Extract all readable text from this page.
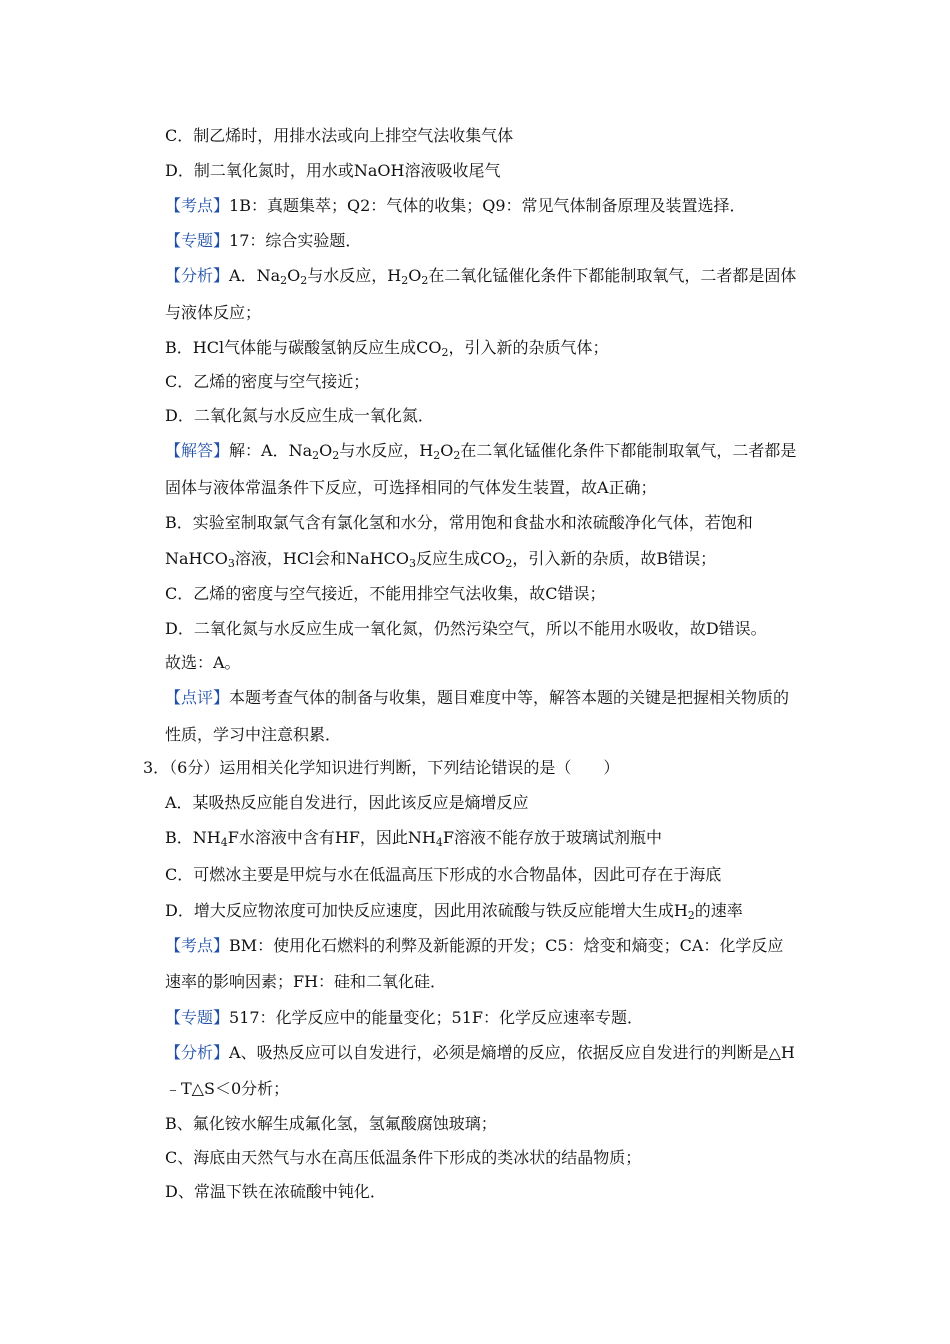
C．制乙烯时，用排水法或向上排空气法收集气体
D．制二氧化氮时，用水或NaOH溶液吸收尾气
【考点】1B：真题集萃；Q2：气体的收集；Q9：常见气体制备原理及装置选择．
【专题】17：综合实验题．
【分析】A．$Na_2O_2$与水反应，$H_2O_2$在二氧化锰催化条件下都能制取氧气，二者都是固体
与液体反应；
B．HCl气体能与碳酸氢钠反应生成$CO_2$，引入新的杂质气体；
C．乙烯的密度与空气接近；
D．二氧化氮与水反应生成一氧化氮．
【解答】解：A．$Na_2O_2$与水反应，$H_2O_2$在二氧化锰催化条件下都能制取氧气，二者都是
固体与液体常温条件下反应，可选择相同的气体发生装置，故A正确；
B．实验室制取氯气含有氯化氢和水分，常用饱和食盐水和浓硫酸净化气体，若饱和
NaHCO$_3$溶液，HCl会和NaHCO$_3$反应生成$CO_2$，引入新的杂质，故B错误；
C．乙烯的密度与空气接近，不能用排空气法收集，故C错误；
D．二氧化氮与水反应生成一氧化氮，仍然污染空气，所以不能用水吸收，故D错误。
故选：A。
【点评】本题考查气体的制备与收集，题目难度中等，解答本题的关键是把握相关物质的
性质，学习中注意积累．
3．（6分）运用相关化学知识进行判断，下列结论错误的是（　　）
A．某吸热反应能自发进行，因此该反应是熵增反应
B．$NH_4F$水溶液中含有HF，因此$NH_4F$溶液不能存放于玻璃试剂瓶中
C．可燃冰主要是甲烷与水在低温高压下形成的水合物晶体，因此可存在于海底
D．增大反应物浓度可加快反应速度，因此用浓硫酸与铁反应能增大生成$H_2$的速率
【考点】BM：使用化石燃料的利弊及新能源的开发；C5：焓变和熵变；CA：化学反应
速率的影响因素；FH：硅和二氧化硅．
【专题】517：化学反应中的能量变化；51F：化学反应速率专题．
【分析】A、吸热反应可以自发进行，必须是熵增的反应，依据反应自发进行的判断是△H
﹣T△S＜0分析；
B、氟化铵水解生成氟化氢，氢氟酸腐蚀玻璃；
C、海底由天然气与水在高压低温条件下形成的类冰状的结晶物质；
D、常温下铁在浓硫酸中钝化．
